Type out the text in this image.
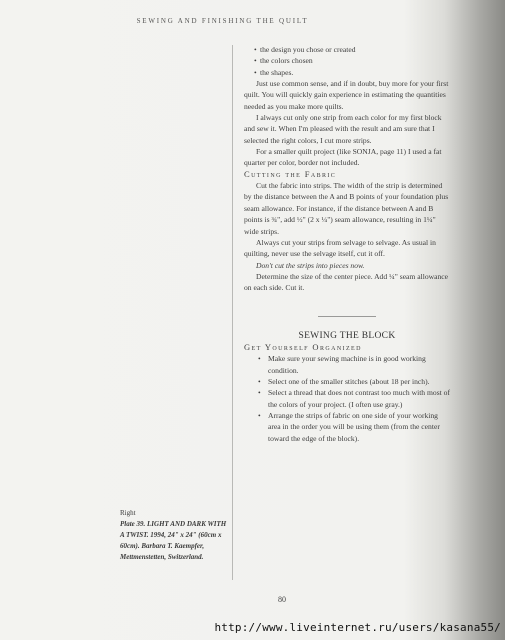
SEWING AND FINISHING THE QUILT
Right
Plate 39. LIGHT AND DARK WITH A TWIST. 1994, 24" x 24" (60cm x 60cm). Barbara T. Kaempfer, Mettmenstetten, Switzerland.

• the design you chose or created

• the colors chosen

• the shapes.

Just use common sense, and if in doubt, buy more for your first quilt. You will quickly gain experience in estimating the quantities needed as you make more quilts.

I always cut only one strip from each color for my first block and sew it. When I'm pleased with the result and am sure that I selected the right colors, I cut more strips.

For a smaller quilt project (like SONJA, page 11) I used a fat quarter per color, border not included.

Cutting the Fabric

Cut the fabric into strips. The width of the strip is determined by the distance between the A and B points of your foundation plus seam allowance. For instance, if the distance between A and B points is ¾", add ½" (2 x ¼") seam allowance, resulting in 1¼" wide strips.

Always cut your strips from selvage to selvage. As usual in quilting, never use the selvage itself, cut it off.

Don't cut the strips into pieces now.

Determine the size of the center piece. Add ¼" seam allowance on each side. Cut it.

SEWING THE BLOCK

Get Yourself Organized

• Make sure your sewing machine is in good working condition.
• Select one of the smaller stitches (about 18 per inch).
• Select a thread that does not contrast too much with most of the colors of your project. (I often use gray.)
• Arrange the strips of fabric on one side of your working area in the order you will be using them (from the center toward the edge of the block).
80
http://www.liveinternet.ru/users/kasana55/
